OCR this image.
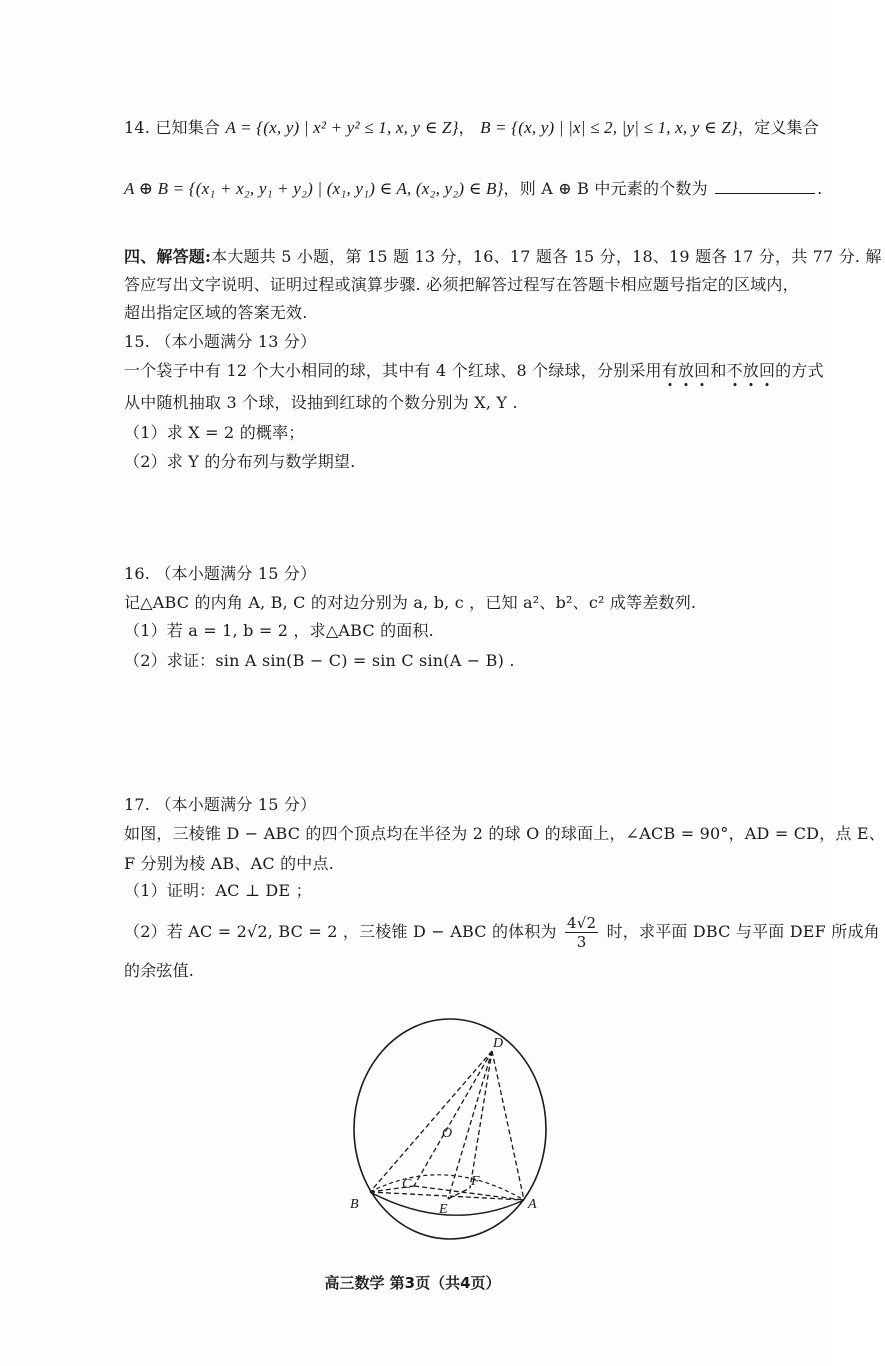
14. 已知集合 A = {(x, y) | x² + y² ≤ 1, x, y ∈ Z}， B = {(x, y) | |x| ≤ 2, |y| ≤ 1, x, y ∈ Z}，定义集合
A ⊕ B = {(x₁ + x₂, y₁ + y₂) | (x₁, y₁) ∈ A, (x₂, y₂) ∈ B}，则 A ⊕ B 中元素的个数为	.
四、解答题:本大题共 5 小题，第 15 题 13 分，16、17 题各 15 分，18、19 题各 17 分，共 77 分. 解
答应写出文字说明、证明过程或演算步骤. 必须把解答过程写在答题卡相应题号指定的区域内，
超出指定区域的答案无效.
15. （本小题满分 13 分）
一个袋子中有 12 个大小相同的球，其中有 4 个红球、8 个绿球，分别采用有放回和不放回的方式
从中随机抽取 3 个球，设抽到红球的个数分别为 X, Y .
（1）求 X = 2 的概率；
（2）求 Y 的分布列与数学期望.
16. （本小题满分 15 分）
记△ABC 的内角 A, B, C 的对边分别为 a, b, c ，已知 a²、b²、c² 成等差数列.
（1）若 a = 1, b = 2 ，求△ABC 的面积.
（2）求证：sin A sin(B − C) = sin C sin(A − B) .
17. （本小题满分 15 分）
如图，三棱锥 D − ABC 的四个顶点均在半径为 2 的球 O 的球面上，∠ACB = 90°，AD = CD，点 E、
F 分别为棱 AB、AC 的中点.
（1）证明：AC ⊥ DE ；
（2）若 AC = 2√2, BC = 2 ，三棱锥 D − ABC 的体积为 $\frac{4√2}{3}$ 时，求平面 DBC 与平面 DEF 所成角
的余弦值.
D
O
C	F
B	E	A
高三数学 第3页（共4页）
